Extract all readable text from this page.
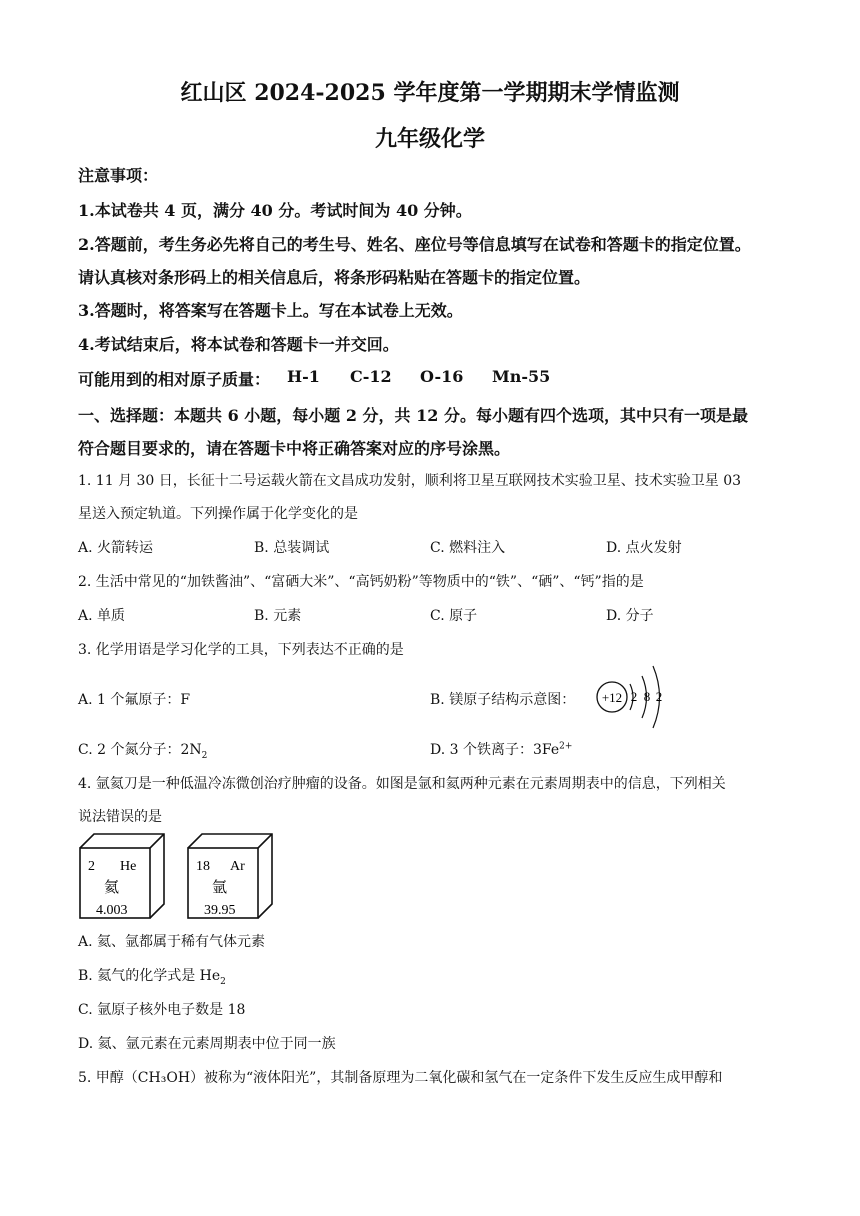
红山区 2024-2025 学年度第一学期期末学情监测
九年级化学
注意事项：
1.本试卷共 4 页，满分 40 分。考试时间为 40 分钟。
2.答题前，考生务必先将自己的考生号、姓名、座位号等信息填写在试卷和答题卡的指定位置。
请认真核对条形码上的相关信息后，将条形码粘贴在答题卡的指定位置。
3.答题时，将答案写在答题卡上。写在本试卷上无效。
4.考试结束后，将本试卷和答题卡一并交回。
可能用到的相对原子质量： H-1 C-12 O-16 Mn-55
一、选择题：本题共 6 小题，每小题 2 分，共 12 分。每小题有四个选项，其中只有一项是最
符合题目要求的，请在答题卡中将正确答案对应的序号涂黑。
1. 11 月 30 日，长征十二号运载火箭在文昌成功发射，顺利将卫星互联网技术实验卫星、技术实验卫星 03
星送入预定轨道。下列操作属于化学变化的是
A. 火箭转运	B. 总装调试	C. 燃料注入	D. 点火发射
2. 生活中常见的“加铁酱油”、“富硒大米”、“高钙奶粉”等物质中的“铁”、“硒”、“钙”指的是
A. 单质	B. 元素	C. 原子	D. 分子
3. 化学用语是学习化学的工具，下列表达不正确的是
A. 1 个氟原子：F	B. 镁原子结构示意图： +12 2 8 2
C. 2 个氮分子：$2N_2$	D. 3 个铁离子：$3Fe^{2+}$
4. 氩氦刀是一种低温冷冻微创治疗肿瘤的设备。如图是氩和氦两种元素在元素周期表中的信息，下列相关
说法错误的是
2 He
氦
4.003
18 Ar
氩
39.95
A. 氦、氩都属于稀有气体元素
B. 氦气的化学式是 $He_2$
C. 氩原子核外电子数是 18
D. 氦、氩元素在元素周期表中位于同一族
5. 甲醇（CH₃OH）被称为“液体阳光”，其制备原理为二氧化碳和氢气在一定条件下发生反应生成甲醇和
